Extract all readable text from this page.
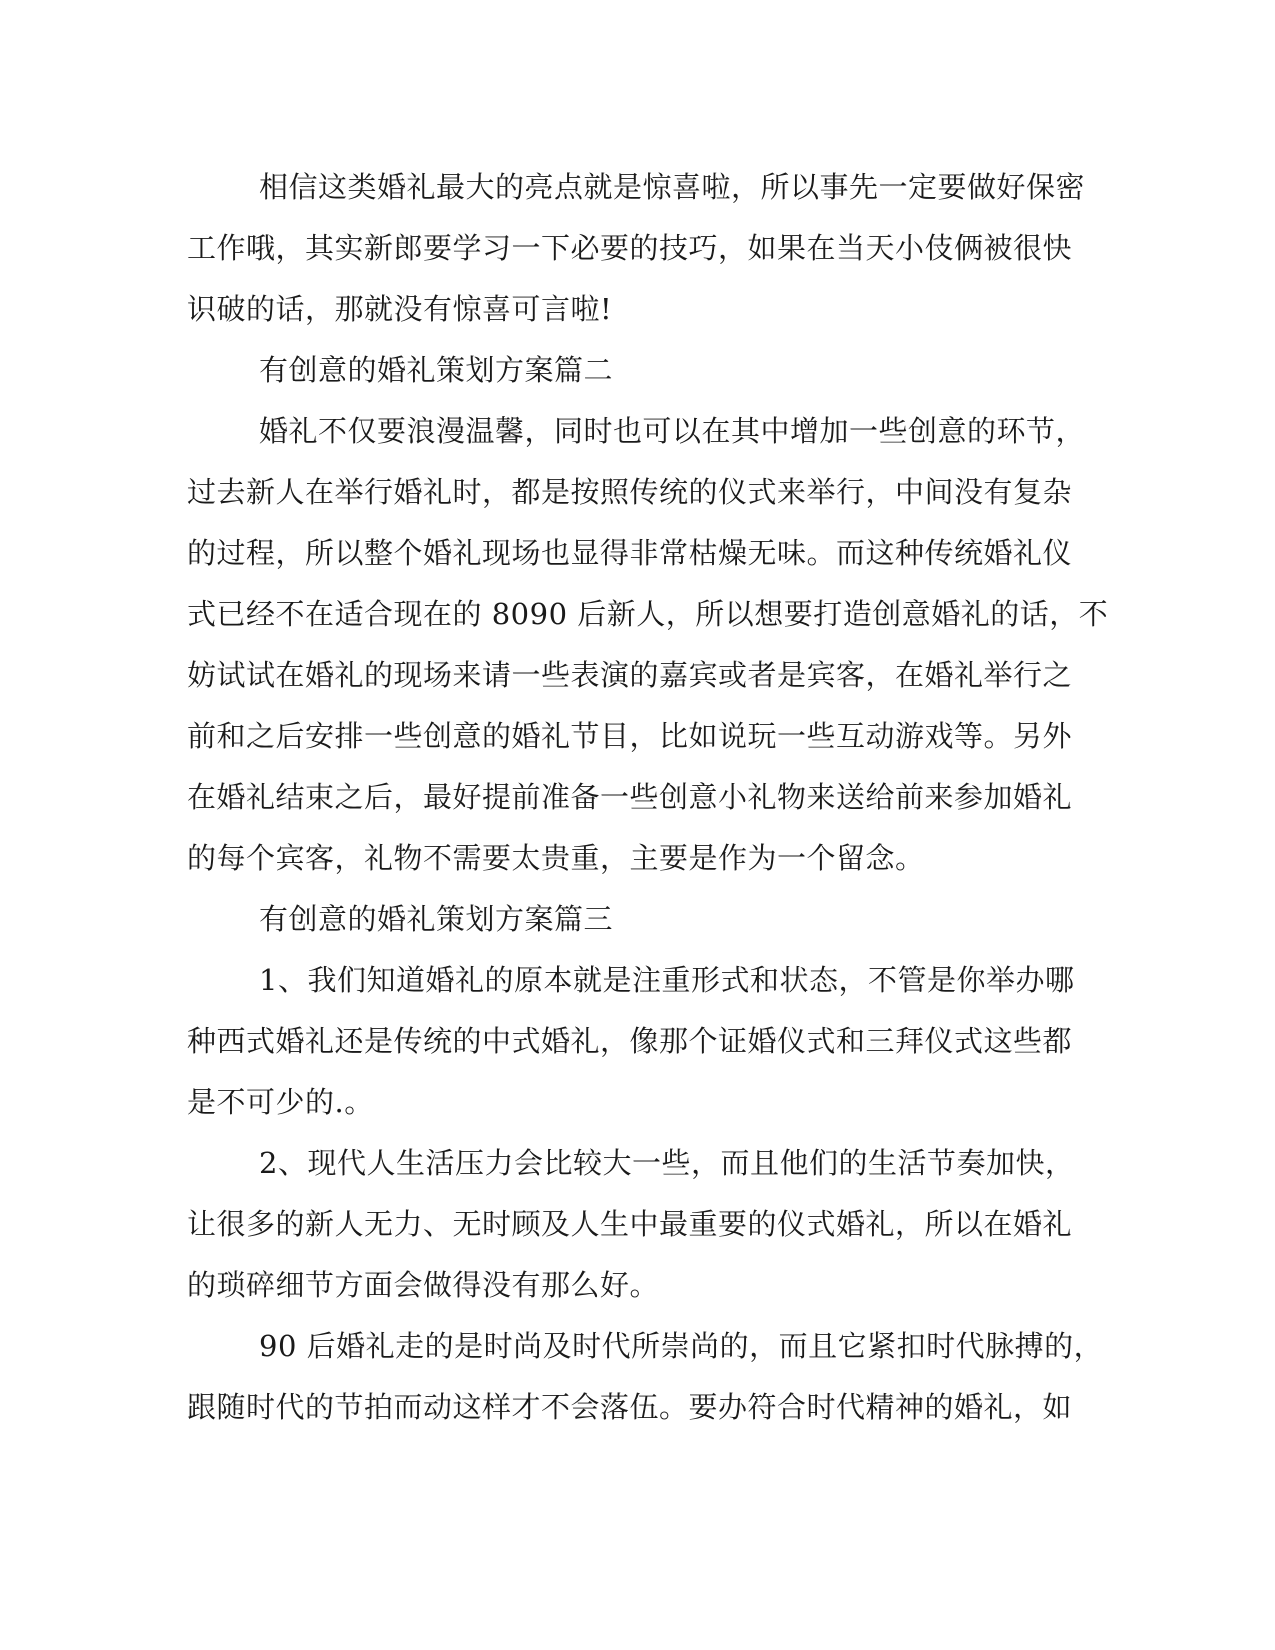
相信这类婚礼最大的亮点就是惊喜啦，所以事先一定要做好保密
工作哦，其实新郎要学习一下必要的技巧，如果在当天小伎俩被很快
识破的话，那就没有惊喜可言啦!
有创意的婚礼策划方案篇二
婚礼不仅要浪漫温馨，同时也可以在其中增加一些创意的环节，
过去新人在举行婚礼时，都是按照传统的仪式来举行，中间没有复杂
的过程，所以整个婚礼现场也显得非常枯燥无味。而这种传统婚礼仪
式已经不在适合现在的 8090 后新人，所以想要打造创意婚礼的话，不
妨试试在婚礼的现场来请一些表演的嘉宾或者是宾客，在婚礼举行之
前和之后安排一些创意的婚礼节目，比如说玩一些互动游戏等。另外
在婚礼结束之后，最好提前准备一些创意小礼物来送给前来参加婚礼
的每个宾客，礼物不需要太贵重，主要是作为一个留念。
有创意的婚礼策划方案篇三
1、我们知道婚礼的原本就是注重形式和状态，不管是你举办哪
种西式婚礼还是传统的中式婚礼，像那个证婚仪式和三拜仪式这些都
是不可少的.。
2、现代人生活压力会比较大一些，而且他们的生活节奏加快，
让很多的新人无力、无时顾及人生中最重要的仪式婚礼，所以在婚礼
的琐碎细节方面会做得没有那么好。
90 后婚礼走的是时尚及时代所崇尚的，而且它紧扣时代脉搏的，
跟随时代的节拍而动这样才不会落伍。要办符合时代精神的婚礼，如
